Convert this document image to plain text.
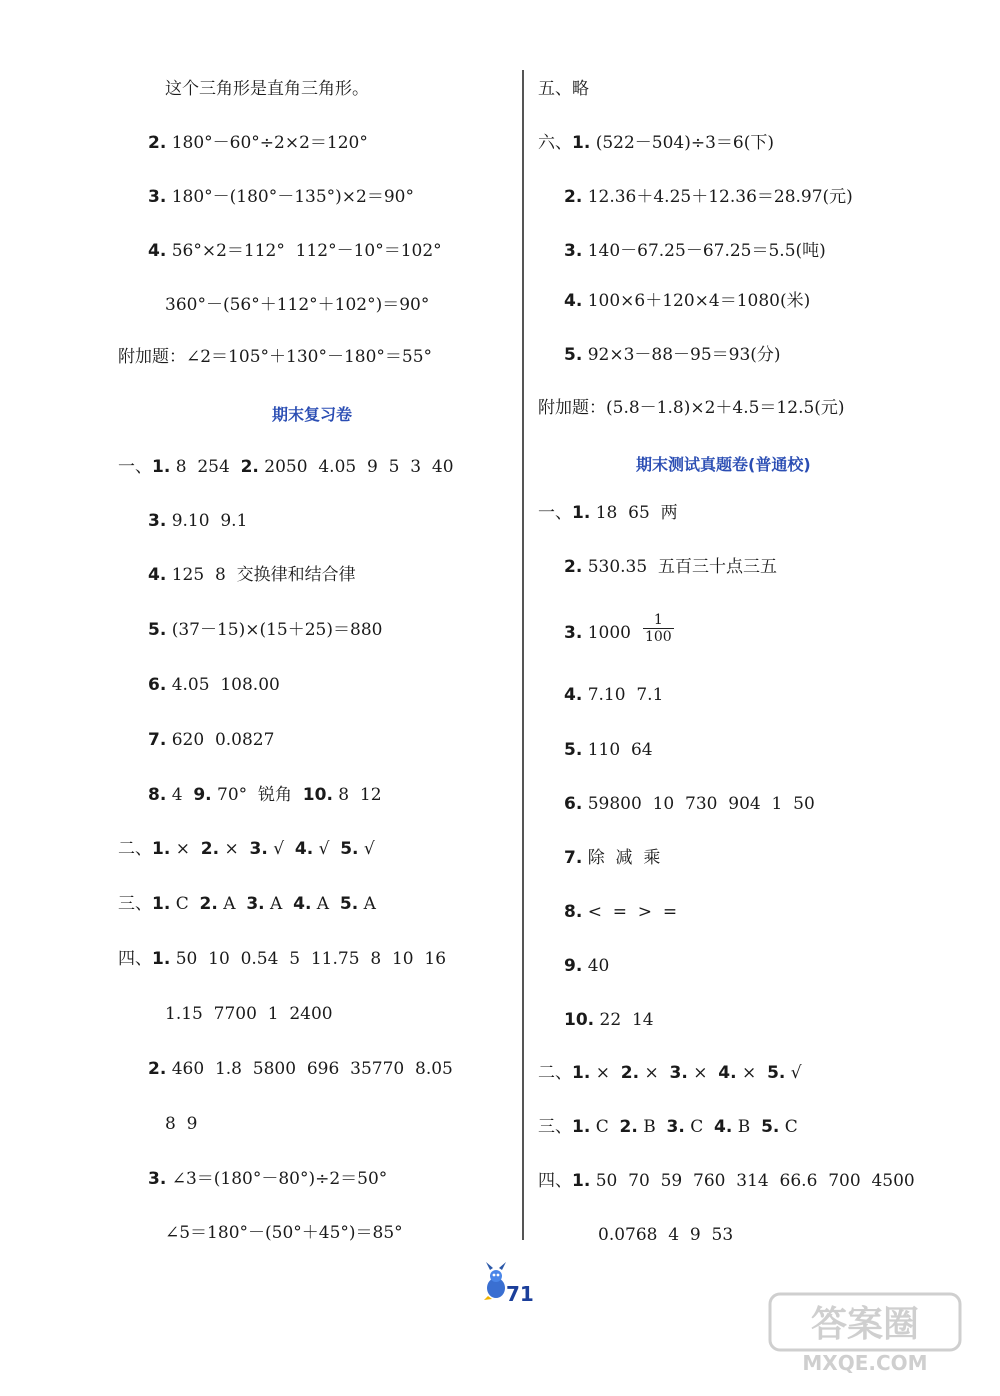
这个三角形是直角三角形。
2. 180°－60°÷2×2＝120°
3. 180°－(180°－135°)×2＝90°
4. 56°×2＝112°  112°－10°＝102°
360°－(56°＋112°＋102°)＝90°
附加题：∠2＝105°＋130°－180°＝55°
期末复习卷
一、1. 8  254  2. 2050  4.05  9  5  3  40
3. 9.10  9.1
4. 125  8  交换律和结合律
5. (37－15)×(15＋25)＝880
6. 4.05  108.00
7. 620  0.0827
8. 4  9. 70°  锐角  10. 8  12
二、1. ×  2. ×  3. √  4. √  5. √
三、1. C  2. A  3. A  4. A  5. A
四、1. 50  10  0.54  5  11.75  8  10  16
1.15  7700  1  2400
2. 460  1.8  5800  696  35770  8.05
8  9
3. ∠3＝(180°－80°)÷2＝50°
∠5＝180°－(50°＋45°)＝85°
五、略
六、1. (522－504)÷3＝6(下)
2. 12.36＋4.25＋12.36＝28.97(元)
3. 140－67.25－67.25＝5.5(吨)
4. 100×6＋120×4＝1080(米)
5. 92×3－88－95＝93(分)
附加题：(5.8－1.8)×2＋4.5＝12.5(元)
期末测试真题卷(普通校)
一、1. 18  65  两
2. 530.35  五百三十点三五
3. $1000 \frac{1}{100}$
4. 7.10  7.1
5. 110  64
6. 59800  10  730  904  1  50
7. 除  减  乘
8. <  =  >  =
9. 40
10. 22  14
二、1. ×  2. ×  3. ×  4. ×  5. √
三、1. C  2. B  3. C  4. B  5. C
四、1. 50  70  59  760  314  66.6  700  4500
0.0768  4  9  53
71
答案圈
MXQE.COM
